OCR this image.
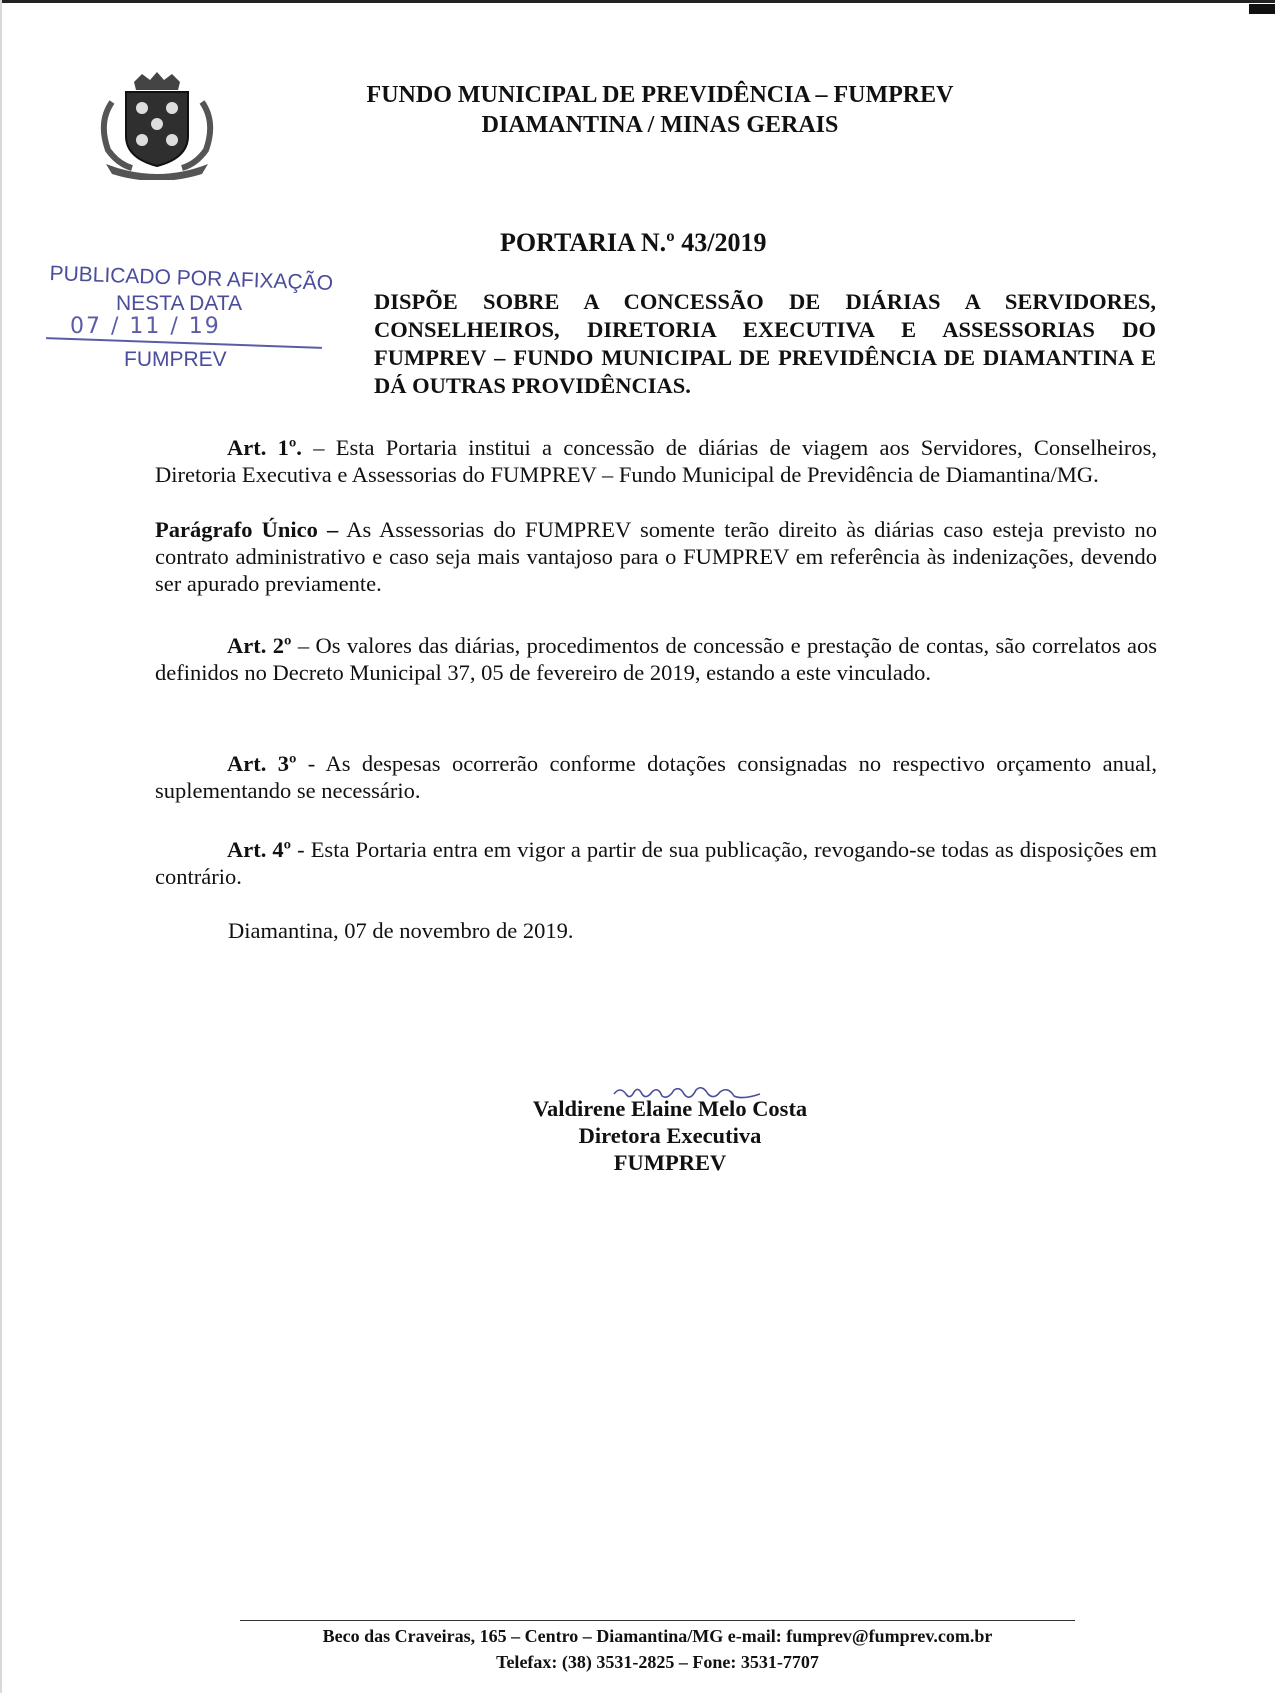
FUNDO MUNICIPAL DE PREVIDÊNCIA – FUMPREV
DIAMANTINA / MINAS GERAIS
PORTARIA N.º 43/2019
PUBLICADO POR AFIXAÇÃO
NESTA DATA
07 / 11 / 19
FUMPREV
DISPÕE SOBRE A CONCESSÃO DE DIÁRIAS A SERVIDORES, CONSELHEIROS, DIRETORIA EXECUTIVA E ASSESSORIAS DO FUMPREV – FUNDO MUNICIPAL DE PREVIDÊNCIA DE DIAMANTINA E DÁ OUTRAS PROVIDÊNCIAS.
Art. 1º. – Esta Portaria institui a concessão de diárias de viagem aos Servidores, Conselheiros, Diretoria Executiva e Assessorias do FUMPREV – Fundo Municipal de Previdência de Diamantina/MG.
Parágrafo Único – As Assessorias do FUMPREV somente terão direito às diárias caso esteja previsto no contrato administrativo e caso seja mais vantajoso para o FUMPREV em referência às indenizações, devendo ser apurado previamente.
Art. 2º – Os valores das diárias, procedimentos de concessão e prestação de contas, são correlatos aos definidos no Decreto Municipal 37, 05 de fevereiro de 2019, estando a este vinculado.
Art. 3º - As despesas ocorrerão conforme dotações consignadas no respectivo orçamento anual, suplementando se necessário.
Art. 4º - Esta Portaria entra em vigor a partir de sua publicação, revogando-se todas as disposições em contrário.
Diamantina, 07 de novembro de 2019.
Valdirene Elaine Melo Costa
Diretora Executiva
FUMPREV
Beco das Craveiras, 165 – Centro – Diamantina/MG e-mail: fumprev@fumprev.com.br
Telefax: (38) 3531-2825 – Fone: 3531-7707
